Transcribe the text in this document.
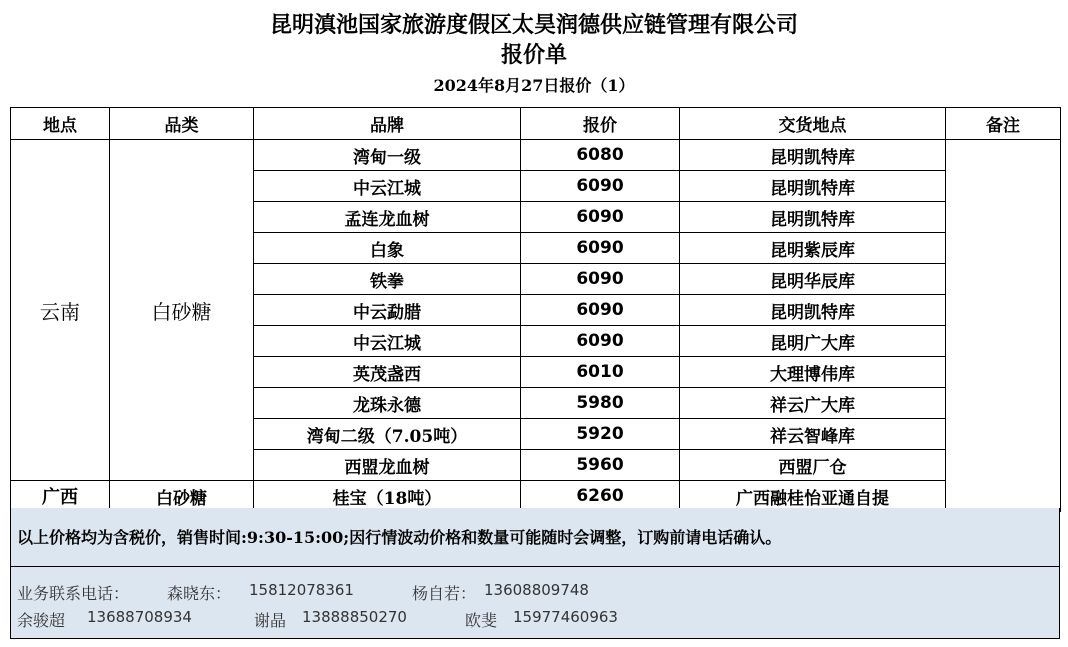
昆明滇池国家旅游度假区太昊润德供应链管理有限公司
报价单
2024年8月27日报价（1）
地点	品类	品牌	报价	交货地点	备注
云南	白砂糖	湾甸一级	6080	昆明凯特库	
		中云江城	6090	昆明凯特库	
		孟连龙血树	6090	昆明凯特库	
		白象	6090	昆明紫辰库	
		铁拳	6090	昆明华辰库	
		中云勐腊	6090	昆明凯特库	
		中云江城	6090	昆明广大库	
		英茂盏西	6010	大理博伟库	
		龙珠永德	5980	祥云广大库	
		湾甸二级（7.05吨）	5920	祥云智峰库	
		西盟龙血树	5960	西盟厂仓	
广西	白砂糖	桂宝（18吨）	6260	广西融桂怡亚通自提	
以上价格均为含税价，销售时间:9:30-15:00;因行情波动价格和数量可能随时会调整，订购前请电话确认。
业务联系电话： 森晓东： 15812078361	杨自若： 13608809748
余骏超 13688708934	谢晶 13888850270	欧斐 15977460963
